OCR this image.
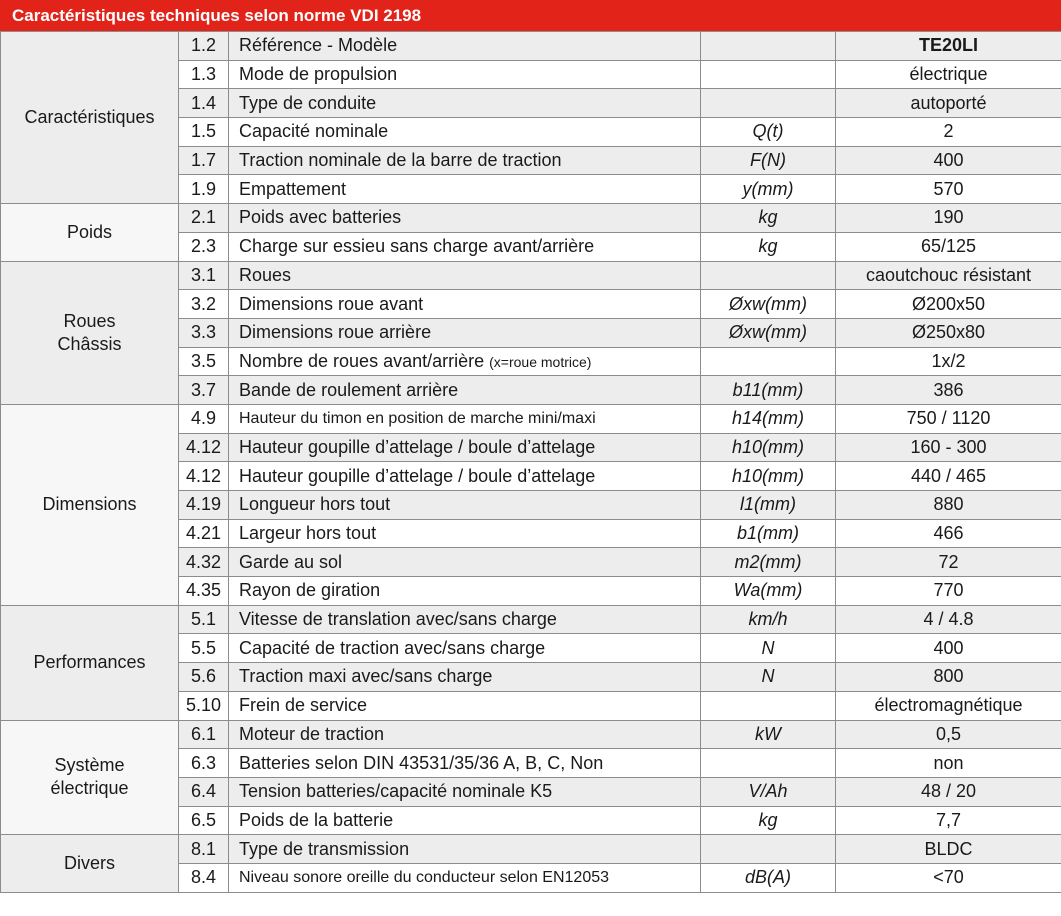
Caractéristiques techniques selon norme VDI 2198
Caractéristiques	1.2	Référence - Modèle		TE20LI
	1.3	Mode de propulsion		électrique
	1.4	Type de conduite		autoporté
	1.5	Capacité nominale	Q(t)	2
	1.7	Traction nominale de la barre de traction	F(N)	400
	1.9	Empattement	y(mm)	570

Poids	2.1	Poids avec batteries	kg	190
	2.3	Charge sur essieu sans charge avant/arrière	kg	65/125

Roues
Châssis	3.1	Roues		caoutchouc résistant
	3.2	Dimensions roue avant	Øxw(mm)	Ø200x50
	3.3	Dimensions roue arrière	Øxw(mm)	Ø250x80
	3.5	Nombre de roues avant/arrière (x=roue motrice)		1x/2
	3.7	Bande de roulement arrière	b11(mm)	386

Dimensions	4.9	Hauteur du timon en position de marche mini/maxi	h14(mm)	750 / 1120
	4.12	Hauteur goupille d’attelage / boule d’attelage	h10(mm)	160 - 300
	4.12	Hauteur goupille d’attelage / boule d’attelage	h10(mm)	440 / 465
	4.19	Longueur hors tout	l1(mm)	880
	4.21	Largeur hors tout	b1(mm)	466
	4.32	Garde au sol	m2(mm)	72
	4.35	Rayon de giration	Wa(mm)	770

Performances	5.1	Vitesse de translation avec/sans charge	km/h	4 / 4.8
	5.5	Capacité de traction avec/sans charge	N	400
	5.6	Traction maxi avec/sans charge	N	800
	5.10	Frein de service		électromagnétique

Système
électrique	6.1	Moteur de traction	kW	0,5
	6.3	Batteries selon DIN 43531/35/36 A, B, C, Non		non
	6.4	Tension batteries/capacité nominale K5	V/Ah	48 / 20
	6.5	Poids de la batterie	kg	7,7

Divers	8.1	Type de transmission		BLDC
	8.4	Niveau sonore oreille du conducteur selon EN12053	dB(A)	<70
